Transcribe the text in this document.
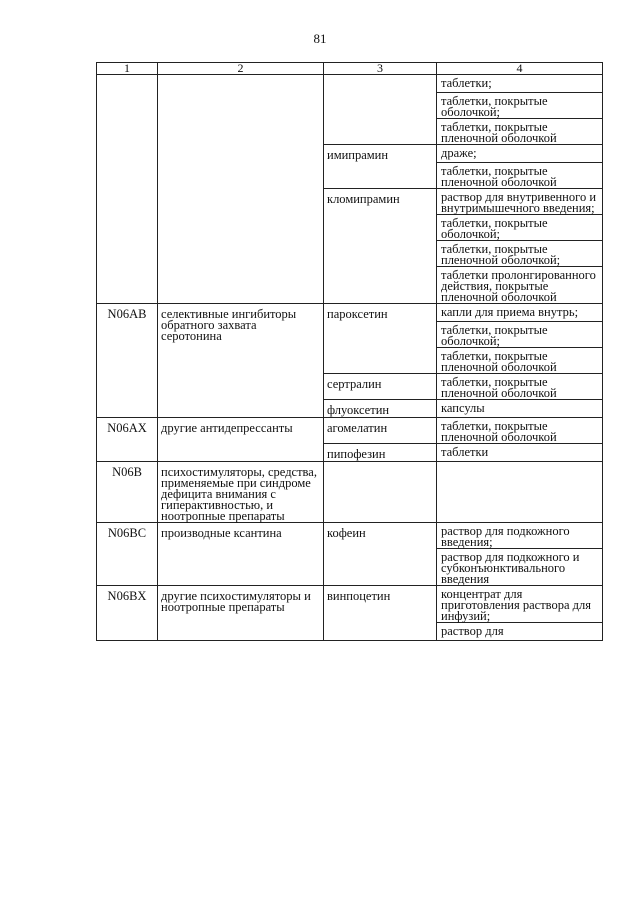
81
1	2	3	4

			таблетки;
таблетки, покрытые оболочкой;
таблетки, покрытые пленочной оболочкой

		имипрамин	драже;
таблетки, покрытые пленочной оболочкой

		кломипрамин	раствор для внутривенного и внутримышечного введения;
таблетки, покрытые оболочкой;
таблетки, покрытые пленочной оболочкой;
таблетки пролонгированного действия, покрытые пленочной оболочкой

N06AB	селективные ингибиторы обратного захвата серотонина	пароксетин	капли для приема внутрь;
таблетки, покрытые оболочкой;
таблетки, покрытые пленочной оболочкой

		сертралин	таблетки, покрытые пленочной оболочкой

		флуоксетин	капсулы

N06AX	другие антидепрессанты	агомелатин	таблетки, покрытые пленочной оболочкой

		пипофезин	таблетки

N06B	психостимуляторы, средства, применяемые при синдроме дефицита внимания с гиперактивностью, и ноотропные препараты		

N06BC	производные ксантина	кофеин	раствор для подкожного введения;
раствор для подкожного и субконъюнктивального введения

N06BX	другие психостимуляторы и ноотропные препараты	винпоцетин	концентрат для приготовления раствора для инфузий;
раствор для
